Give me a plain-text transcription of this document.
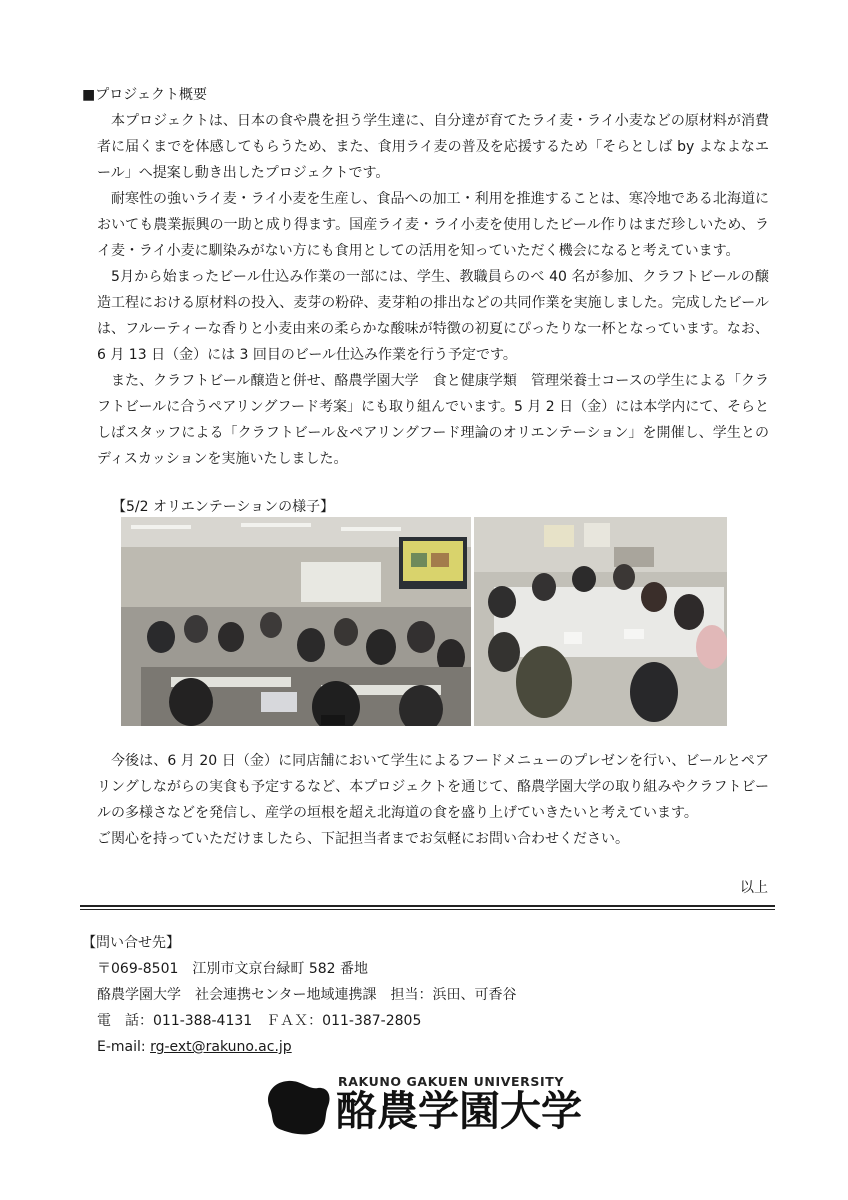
■プロジェクト概要

本プロジェクトは、日本の食や農を担う学生達に、自分達が育てたライ麦・ライ小麦などの原材料が消費者に届くまでを体感してもらうため、また、食用ライ麦の普及を応援するため「そらとしば by よなよなエール」へ提案し動き出したプロジェクトです。

耐寒性の強いライ麦・ライ小麦を生産し、食品への加工・利用を推進することは、寒冷地である北海道においても農業振興の一助と成り得ます。国産ライ麦・ライ小麦を使用したビール作りはまだ珍しいため、ライ麦・ライ小麦に馴染みがない方にも食用としての活用を知っていただく機会になると考えています。

5月から始まったビール仕込み作業の一部には、学生、教職員らのべ 40 名が参加、クラフトビールの醸造工程における原材料の投入、麦芽の粉砕、麦芽粕の排出などの共同作業を実施しました。完成したビールは、フルーティーな香りと小麦由来の柔らかな酸味が特徴の初夏にぴったりな一杯となっています。なお、6 月 13 日（金）には 3 回目のビール仕込み作業を行う予定です。

また、クラフトビール醸造と併せ、酪農学園大学　食と健康学類　管理栄養士コースの学生による「クラフトビールに合うペアリングフード考案」にも取り組んでいます。5 月 2 日（金）には本学内にて、そらとしばスタッフによる「クラフトビール＆ペアリングフード理論のオリエンテーション」を開催し、学生とのディスカッションを実施いたしました。

【5/2 オリエンテーションの様子】

今後は、6 月 20 日（金）に同店舗において学生によるフードメニューのプレゼンを行い、ビールとペアリングしながらの実食も予定するなど、本プロジェクトを通じて、酪農学園大学の取り組みやクラフトビールの多様さなどを発信し、産学の垣根を超え北海道の食を盛り上げていきたいと考えています。

ご関心を持っていただけましたら、下記担当者までお気軽にお問い合わせください。

以上
【問い合せ先】
〒069-8501　江別市文京台緑町 582 番地
酪農学園大学　社会連携センター地域連携課　担当：浜田、可香谷
電　話：011-388-4131　ＦＡＸ：011-387-2805
E-mail: rg-ext@rakuno.ac.jp
RAKUNO GAKUEN UNIVERSITY
酪農学園大学
